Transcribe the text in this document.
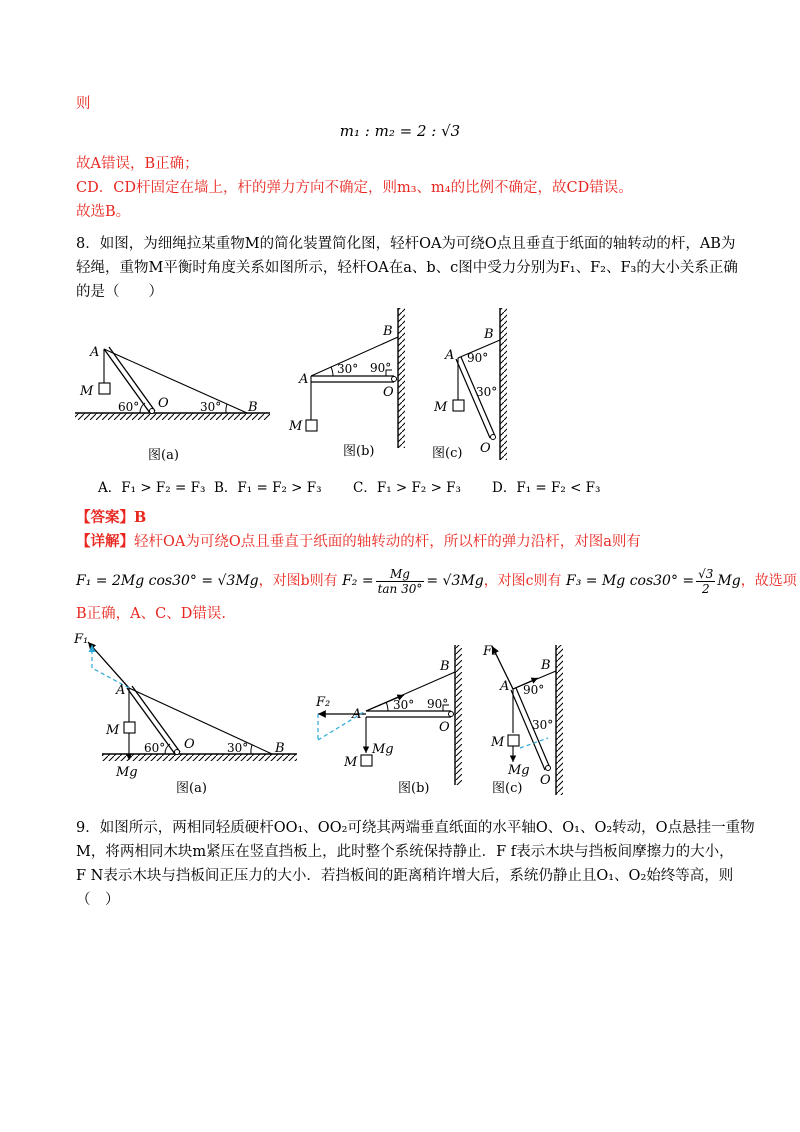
则
m₁ : m₂ = 2 : √3
故A错误，B正确；
CD．CD杆固定在墙上，杆的弹力方向不确定，则m₃、m₄的比例不确定，故CD错误。
故选B。
8．如图，为细绳拉某重物M的简化装置简化图，轻杆OA为可绕O点且垂直于纸面的轴转动的杆，AB为
轻绳，重物M平衡时角度关系如图所示，轻杆OA在a、b、c图中受力分别为F₁、F₂、F₃的大小关系正确
的是（　　）
A
M
60° O	30° B
图(a)
A
B
30° 90°
O
M
图(b)
A
B
90°
30°
M
O
图(c)
A．F₁ > F₂ = F₃ B．F₁ = F₂ > F₃ C．F₁ > F₂ > F₃ D．F₁ = F₂ < F₃
【答案】B
【详解】轻杆OA为可绕O点且垂直于纸面的轴转动的杆，所以杆的弹力沿杆，对图a则有
F₁ = 2Mg cos30° = √3Mg，对图b则有 $F_2 = \frac{Mg}{\tan 30^\circ} = √3Mg$，对图c则有 F₃ = Mg $\cos 30^\circ = \frac{√3}{2}$ Mg，故选项
B正确，A、C、D错误.
F₁
A
M
Mg
60° O	30° B
图(a)
F₂
A
B
30° 90°
O
Mg
M
图(b)
F₃
A
B
90°
30°
M
Mg
O
图(c)
9．如图所示，两相同轻质硬杆OO₁、OO₂可绕其两端垂直纸面的水平轴O、O₁、O₂转动，O点悬挂一重物
M，将两相同木块m紧压在竖直挡板上，此时整个系统保持静止．F f表示木块与挡板间摩擦力的大小，
F N表示木块与挡板间正压力的大小．若挡板间的距离稍许增大后，系统仍静止且O₁、O₂始终等高，则
（　）
